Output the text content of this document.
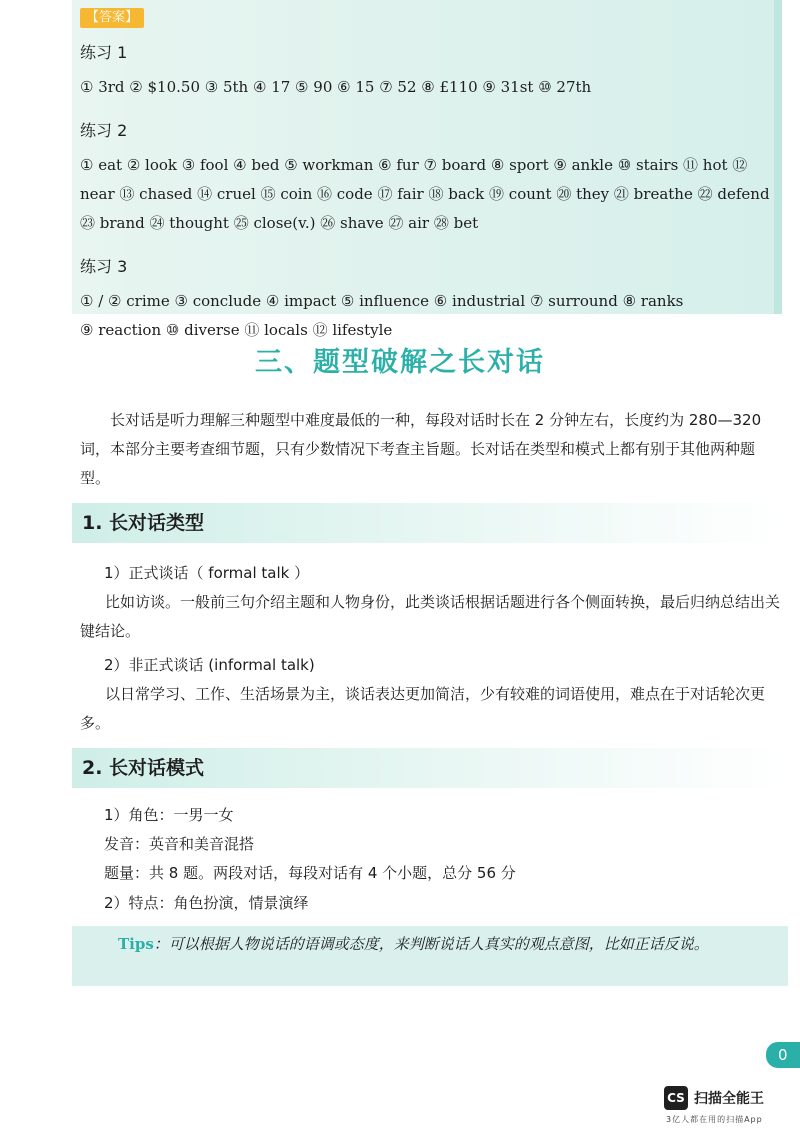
【答案】
练习 1
① 3rd ② $10.50 ③ 5th ④ 17 ⑤ 90 ⑥ 15 ⑦ 52 ⑧ £110 ⑨ 31st ⑩ 27th
练习 2
① eat ② look ③ fool ④ bed ⑤ workman ⑥ fur ⑦ board ⑧ sport ⑨ ankle ⑩ stairs ⑪ hot ⑫
near ⑬ chased ⑭ cruel ⑮ coin ⑯ code ⑰ fair ⑱ back ⑲ count ⑳ they ㉑ breathe ㉒ defend
㉓ brand ㉔ thought ㉕ close(v.) ㉖ shave ㉗ air ㉘ bet
练习 3
① / ② crime ③ conclude ④ impact ⑤ influence ⑥ industrial ⑦ surround ⑧ ranks
⑨ reaction ⑩ diverse ⑪ locals ⑫ lifestyle
三、题型破解之长对话
长对话是听力理解三种题型中难度最低的一种，每段对话时长在 2 分钟左右，长度约为 280—320 词，本部分主要考查细节题，只有少数情况下考查主旨题。长对话在类型和模式上都有别于其他两种题型。
1. 长对话类型
1）正式谈话（ formal talk ）
比如访谈。一般前三句介绍主题和人物身份，此类谈话根据话题进行各个侧面转换，最后归纳总结出关键结论。
2）非正式谈话 (informal talk)
以日常学习、工作、生活场景为主，谈话表达更加简洁，少有较难的词语使用，难点在于对话轮次更多。
2. 长对话模式
1）角色：一男一女
发音：英音和美音混搭
题量：共 8 题。两段对话，每段对话有 4 个小题，总分 56 分
2）特点：角色扮演，情景演绎
Tips：可以根据人物说话的语调或态度，来判断说话人真实的观点意图，比如正话反说。
0
CS 扫描全能王
3亿人都在用的扫描App
